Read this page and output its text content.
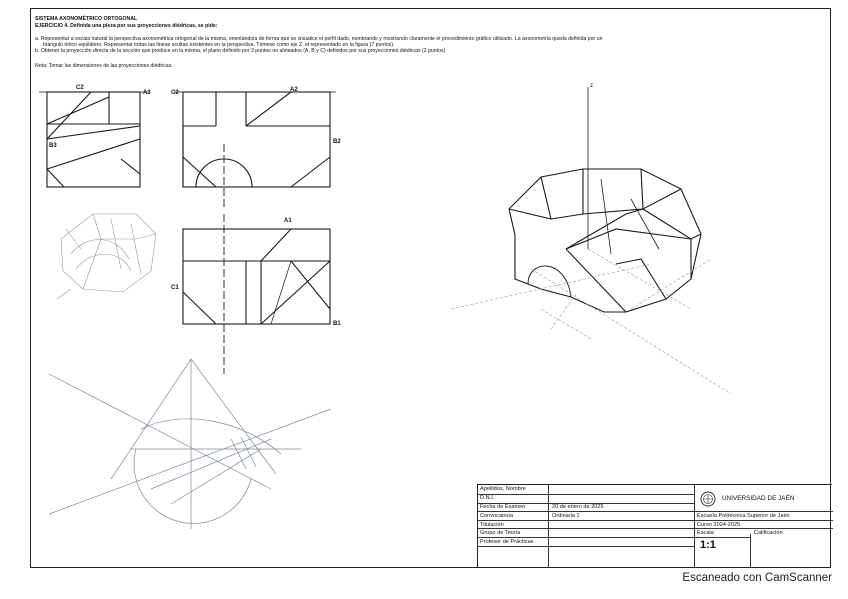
SISTEMA AXONOMÉTRICO ORTOGONAL
EJERCICIO 4. Definida una pieza por sus proyecciones diédricas, se pide:
a. Representar a escala natural la perspectiva axonométrica ortogonal de la misma, orientándola de forma que se visualice el perfil dado, nombrando y mostrando claramente el procedimiento gráfico utilizado. La axonometría queda definida por un
triángulo órtico equilátero. Representar todas las líneas ocultas existentes en la perspectiva. Tómese como eje Z, el representado en la figura (7 puntos).
b. Obtener la proyección directa de la sección que produce en la misma, el plano definido por 3 puntos no alineados (A, B y C) definidos por sus proyecciones diédricas (2 puntos)
Nota: Tomar las dimensiones de las proyecciones diédricas.
C2
A3
B3
C2	A2
B2
A1
C1
B1
z
Apellidos, Nombre
D.N.I.
Fecha de Examen	20 de enero de 2025
Convocatoria	Ordinaria 1
Titulación
Grupo de Teoría
Profesor de Prácticas
UNIVERSIDAD DE JAÉN
Escuela Politécnica Superior de Jaén
Curso 2024-2025
Escala
1:1
Calificación
Escaneado con CamScanner
